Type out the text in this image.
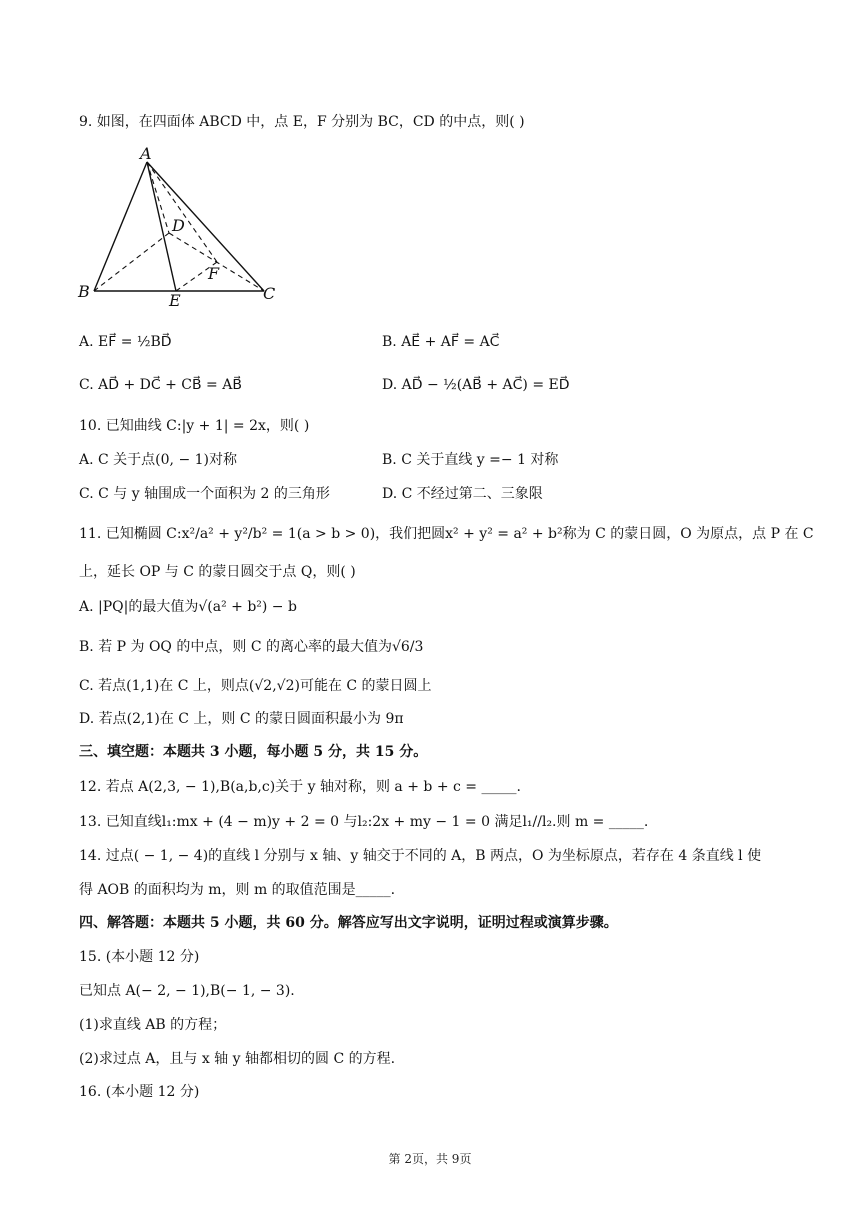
9. 如图，在四面体 ABCD 中，点 E，F 分别为 BC，CD 的中点，则( )
A
B	C
D
E
F
A. EF⃗ = ½BD⃗	B. AE⃗ + AF⃗ = AC⃗
C. AD⃗ + DC⃗ + CB⃗ = AB⃗	D. AD⃗ − ½(AB⃗ + AC⃗) = ED⃗
10. 已知曲线 C:|y + 1| = 2x，则( )
A. C 关于点(0, − 1)对称	B. C 关于直线 y =− 1 对称
C. C 与 y 轴围成一个面积为 2 的三角形	D. C 不经过第二、三象限
11. 已知椭圆 C:x²/a² + y²/b² = 1(a > b > 0)，我们把圆x² + y² = a² + b²称为 C 的蒙日圆，O 为原点，点 P 在 C
上，延长 OP 与 C 的蒙日圆交于点 Q，则( )
A. |PQ|的最大值为√(a² + b²) − b
B. 若 P 为 OQ 的中点，则 C 的离心率的最大值为√6/3
C. 若点(1,1)在 C 上，则点(√2,√2)可能在 C 的蒙日圆上
D. 若点(2,1)在 C 上，则 C 的蒙日圆面积最小为 9π
三、填空题：本题共 3 小题，每小题 5 分，共 15 分。
12. 若点 A(2,3, − 1),B(a,b,c)关于 y 轴对称，则 a + b + c = _____.
13. 已知直线l₁:mx + (4 − m)y + 2 = 0 与l₂:2x + my − 1 = 0 满足l₁//l₂.则 m = _____.
14. 过点( − 1, − 4)的直线 l 分别与 x 轴、y 轴交于不同的 A，B 两点，O 为坐标原点，若存在 4 条直线 l 使
得 AOB 的面积均为 m，则 m 的取值范围是_____.
四、解答题：本题共 5 小题，共 60 分。解答应写出文字说明，证明过程或演算步骤。
15. (本小题 12 分)
已知点 A(− 2, − 1),B(− 1, − 3).
(1)求直线 AB 的方程；
(2)求过点 A，且与 x 轴 y 轴都相切的圆 C 的方程.
16. (本小题 12 分)
第 2页，共 9页
